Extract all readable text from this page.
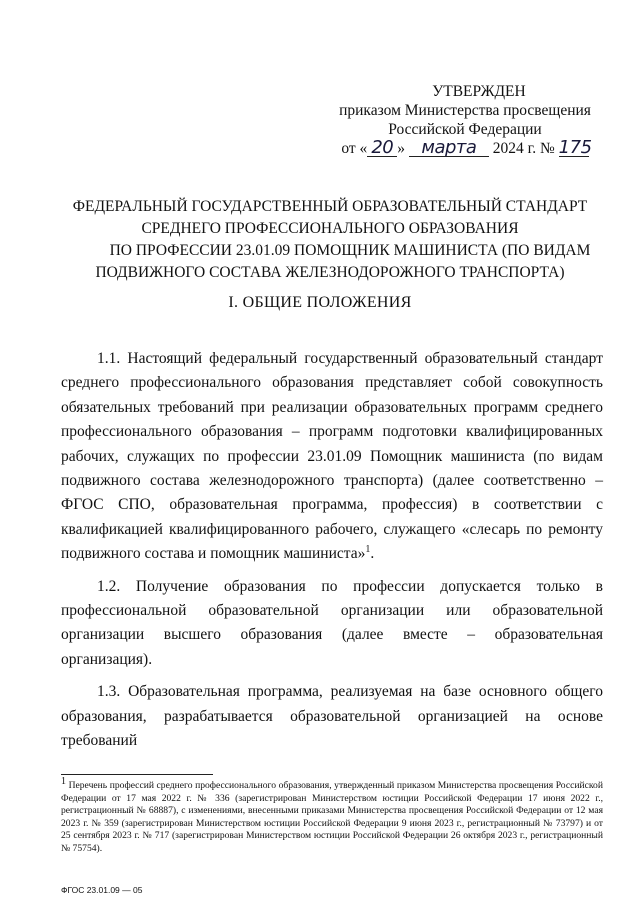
УТВЕРЖДЕН
приказом Министерства просвещения
Российской Федерации
от « 20 » марта 2024 г. № 175
ФЕДЕРАЛЬНЫЙ ГОСУДАРСТВЕННЫЙ ОБРАЗОВАТЕЛЬНЫЙ СТАНДАРТ
СРЕДНЕГО ПРОФЕССИОНАЛЬНОГО ОБРАЗОВАНИЯ
ПО ПРОФЕССИИ 23.01.09 ПОМОЩНИК МАШИНИСТА (ПО ВИДАМ
ПОДВИЖНОГО СОСТАВА ЖЕЛЕЗНОДОРОЖНОГО ТРАНСПОРТА)
I. ОБЩИЕ ПОЛОЖЕНИЯ

1.1. Настоящий федеральный государственный образовательный стандарт среднего профессионального образования представляет собой совокупность обязательных требований при реализации образовательных программ среднего профессионального образования – программ подготовки квалифицированных рабочих, служащих по профессии 23.01.09 Помощник машиниста (по видам подвижного состава железнодорожного транспорта) (далее соответственно – ФГОС СПО, образовательная программа, профессия) в соответствии с квалификацией квалифицированного рабочего, служащего «слесарь по ремонту подвижного состава и помощник машиниста»$^1$.

1.2. Получение образования по профессии допускается только в профессиональной образовательной организации или образовательной организации высшего образования (далее вместе – образовательная организация).

1.3. Образовательная программа, реализуемая на базе основного общего образования, разрабатывается образовательной организацией на основе требований

$^1$ Перечень профессий среднего профессионального образования, утвержденный приказом Министерства просвещения Российской Федерации от 17 мая 2022 г. № 336 (зарегистрирован Министерством юстиции Российской Федерации 17 июня 2022 г., регистрационный № 68887), с изменениями, внесенными приказами Министерства просвещения Российской Федерации от 12 мая 2023 г. № 359 (зарегистрирован Министерством юстиции Российской Федерации 9 июня 2023 г., регистрационный № 73797) и от 25 сентября 2023 г. № 717 (зарегистрирован Министерством юстиции Российской Федерации 26 октября 2023 г., регистрационный № 75754).
ФГОС 23.01.09 — 05
